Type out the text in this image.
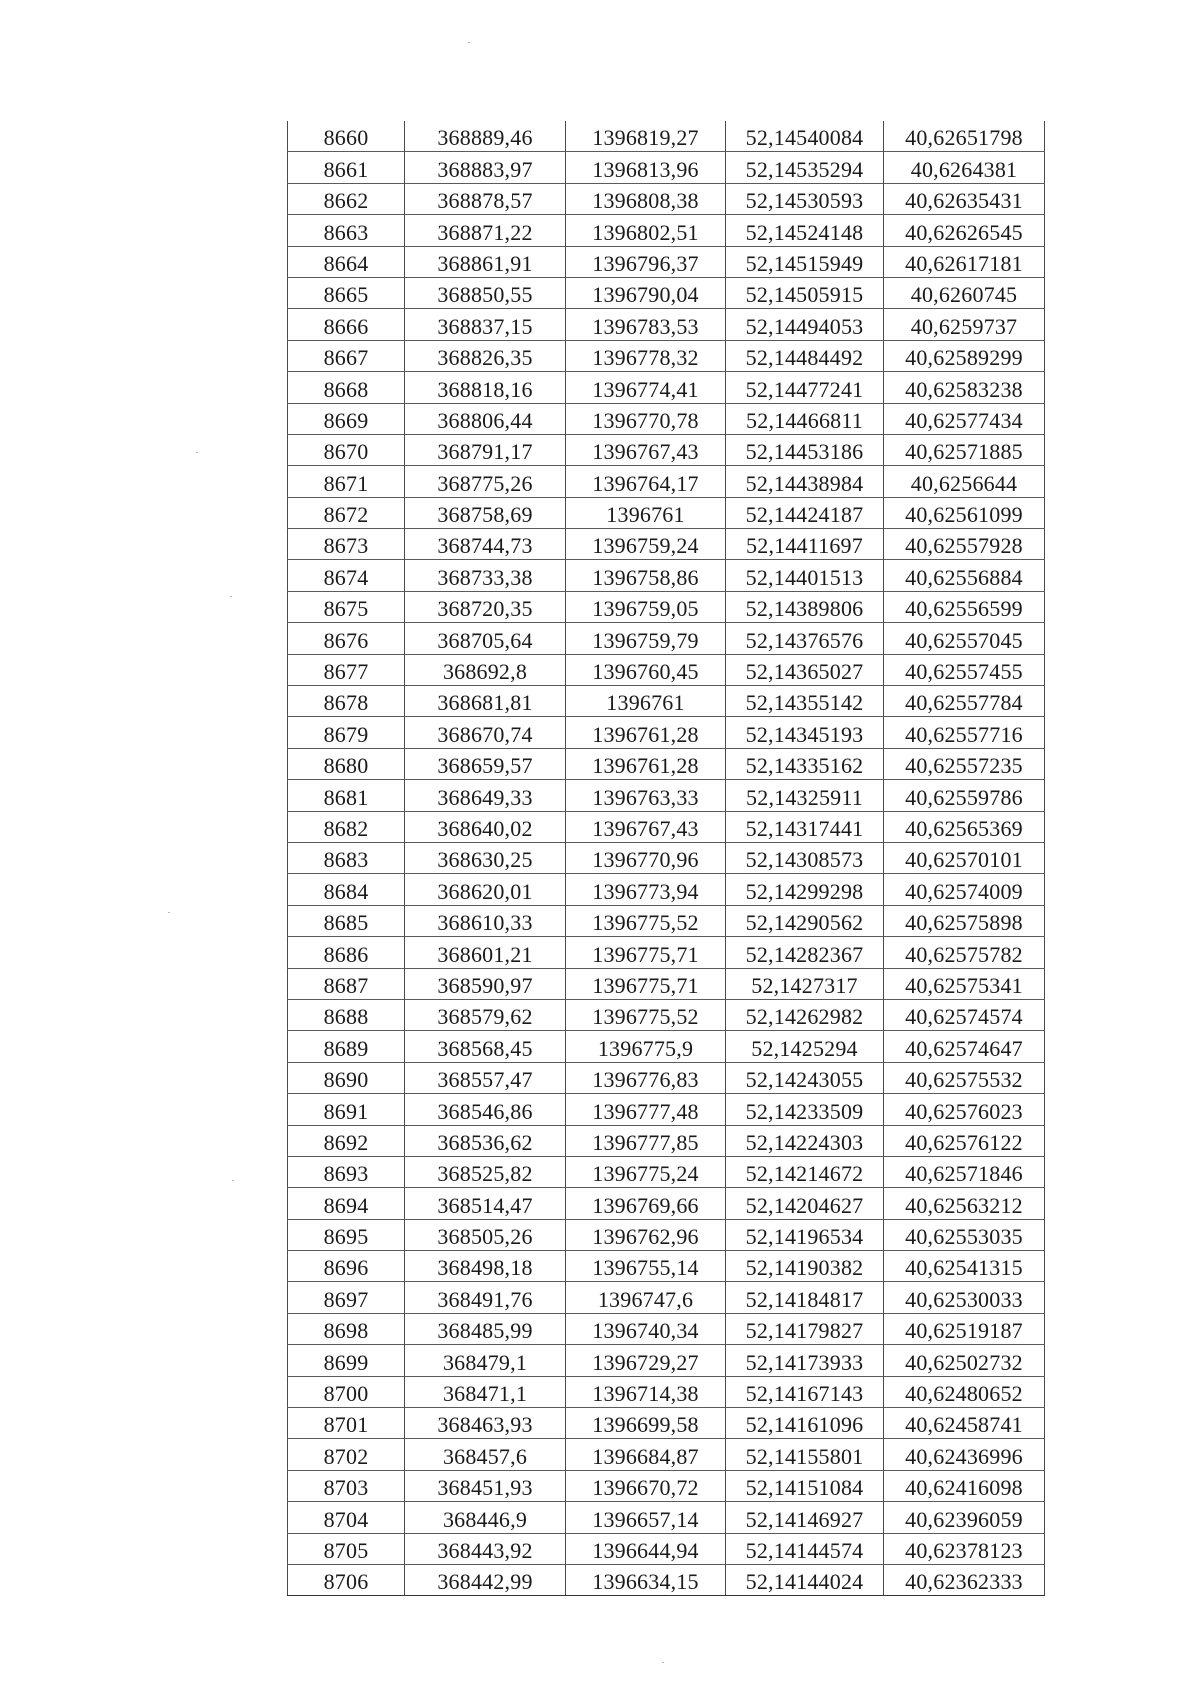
8660	368889,46	1396819,27	52,14540084	40,62651798
8661	368883,97	1396813,96	52,14535294	40,6264381
8662	368878,57	1396808,38	52,14530593	40,62635431
8663	368871,22	1396802,51	52,14524148	40,62626545
8664	368861,91	1396796,37	52,14515949	40,62617181
8665	368850,55	1396790,04	52,14505915	40,6260745
8666	368837,15	1396783,53	52,14494053	40,6259737
8667	368826,35	1396778,32	52,14484492	40,62589299
8668	368818,16	1396774,41	52,14477241	40,62583238
8669	368806,44	1396770,78	52,14466811	40,62577434
8670	368791,17	1396767,43	52,14453186	40,62571885
8671	368775,26	1396764,17	52,14438984	40,6256644
8672	368758,69	1396761	52,14424187	40,62561099
8673	368744,73	1396759,24	52,14411697	40,62557928
8674	368733,38	1396758,86	52,14401513	40,62556884
8675	368720,35	1396759,05	52,14389806	40,62556599
8676	368705,64	1396759,79	52,14376576	40,62557045
8677	368692,8	1396760,45	52,14365027	40,62557455
8678	368681,81	1396761	52,14355142	40,62557784
8679	368670,74	1396761,28	52,14345193	40,62557716
8680	368659,57	1396761,28	52,14335162	40,62557235
8681	368649,33	1396763,33	52,14325911	40,62559786
8682	368640,02	1396767,43	52,14317441	40,62565369
8683	368630,25	1396770,96	52,14308573	40,62570101
8684	368620,01	1396773,94	52,14299298	40,62574009
8685	368610,33	1396775,52	52,14290562	40,62575898
8686	368601,21	1396775,71	52,14282367	40,62575782
8687	368590,97	1396775,71	52,1427317	40,62575341
8688	368579,62	1396775,52	52,14262982	40,62574574
8689	368568,45	1396775,9	52,1425294	40,62574647
8690	368557,47	1396776,83	52,14243055	40,62575532
8691	368546,86	1396777,48	52,14233509	40,62576023
8692	368536,62	1396777,85	52,14224303	40,62576122
8693	368525,82	1396775,24	52,14214672	40,62571846
8694	368514,47	1396769,66	52,14204627	40,62563212
8695	368505,26	1396762,96	52,14196534	40,62553035
8696	368498,18	1396755,14	52,14190382	40,62541315
8697	368491,76	1396747,6	52,14184817	40,62530033
8698	368485,99	1396740,34	52,14179827	40,62519187
8699	368479,1	1396729,27	52,14173933	40,62502732
8700	368471,1	1396714,38	52,14167143	40,62480652
8701	368463,93	1396699,58	52,14161096	40,62458741
8702	368457,6	1396684,87	52,14155801	40,62436996
8703	368451,93	1396670,72	52,14151084	40,62416098
8704	368446,9	1396657,14	52,14146927	40,62396059
8705	368443,92	1396644,94	52,14144574	40,62378123
8706	368442,99	1396634,15	52,14144024	40,62362333
